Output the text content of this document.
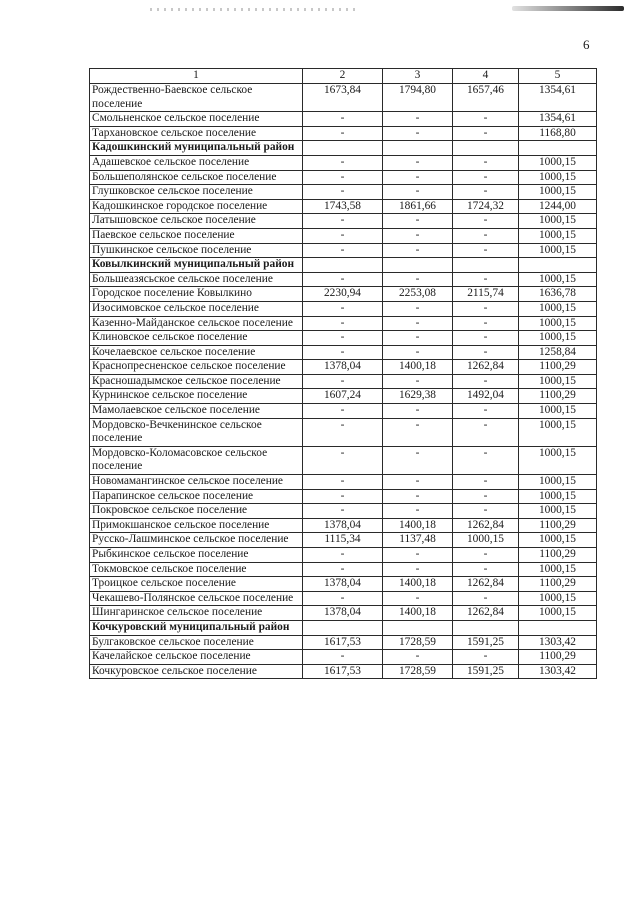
6
1	2	3	4	5
Рождественно-Баевское сельское поселение	1673,84	1794,80	1657,46	1354,61
Смольненское сельское поселение	-	-	-	1354,61
Тархановское сельское поселение	-	-	-	1168,80
Кадошкинский муниципальный район				
Адашевское сельское поселение	-	-	-	1000,15
Большеполянское сельское поселение	-	-	-	1000,15
Глушковское сельское поселение	-	-	-	1000,15
Кадошкинское городское поселение	1743,58	1861,66	1724,32	1244,00
Латышовское сельское поселение	-	-	-	1000,15
Паевское сельское поселение	-	-	-	1000,15
Пушкинское сельское поселение	-	-	-	1000,15
Ковылкинский муниципальный район				
Большеазясьское сельское поселение	-	-	-	1000,15
Городское поселение Ковылкино	2230,94	2253,08	2115,74	1636,78
Изосимовское сельское поселение	-	-	-	1000,15
Казенно-Майданское сельское поселение	-	-	-	1000,15
Клиновское сельское поселение	-	-	-	1000,15
Кочелаевское сельское поселение	-	-	-	1258,84
Краснопресненское сельское поселение	1378,04	1400,18	1262,84	1100,29
Красношадымское сельское поселение	-	-	-	1000,15
Курнинское сельское поселение	1607,24	1629,38	1492,04	1100,29
Мамолаевское сельское поселение	-	-	-	1000,15
Мордовско-Вечкенинское сельское поселение	-	-	-	1000,15
Мордовско-Коломасовское сельское поселение	-	-	-	1000,15
Новомамангинское сельское поселение	-	-	-	1000,15
Парапинское сельское поселение	-	-	-	1000,15
Покровское сельское поселение	-	-	-	1000,15
Примокшанское сельское поселение	1378,04	1400,18	1262,84	1100,29
Русско-Лашминское сельское поселение	1115,34	1137,48	1000,15	1000,15
Рыбкинское сельское поселение	-	-	-	1100,29
Токмовское сельское поселение	-	-	-	1000,15
Троицкое сельское поселение	1378,04	1400,18	1262,84	1100,29
Чекашево-Полянское сельское поселение	-	-	-	1000,15
Шингаринское сельское поселение	1378,04	1400,18	1262,84	1000,15
Кочкуровский муниципальный район				
Булгаковское сельское поселение	1617,53	1728,59	1591,25	1303,42
Качелайское сельское поселение	-	-	-	1100,29
Кочкуровское сельское поселение	1617,53	1728,59	1591,25	1303,42
